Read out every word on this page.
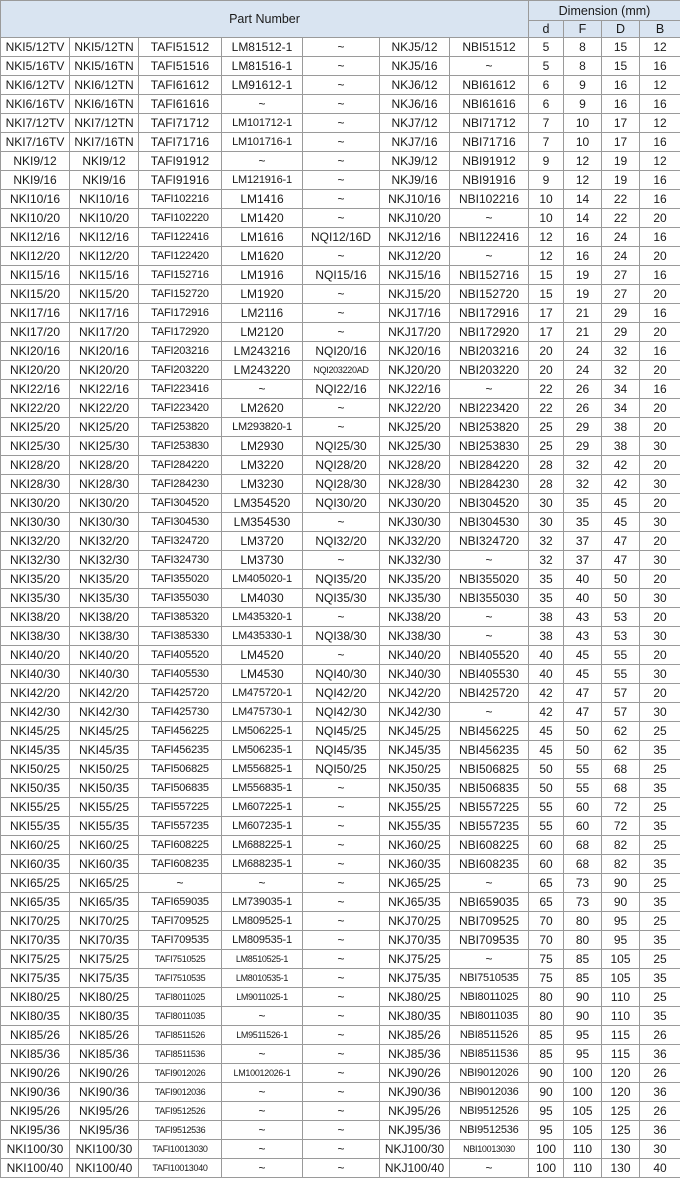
Part Number							Dimension (mm)			
							d	F	D	B
NKI5/12TV	NKI5/12TN	TAFI51512	LM81512-1	~	NKJ5/12	NBI51512	5	8	15	12
NKI5/16TV	NKI5/16TN	TAFI51516	LM81516-1	~	NKJ5/16	~	5	8	15	16
NKI6/12TV	NKI6/12TN	TAFI61612	LM91612-1	~	NKJ6/12	NBI61612	6	9	16	12
NKI6/16TV	NKI6/16TN	TAFI61616	~	~	NKJ6/16	NBI61616	6	9	16	16
NKI7/12TV	NKI7/12TN	TAFI71712	LM101712-1	~	NKJ7/12	NBI71712	7	10	17	12
NKI7/16TV	NKI7/16TN	TAFI71716	LM101716-1	~	NKJ7/16	NBI71716	7	10	17	16
NKI9/12	NKI9/12	TAFI91912	~	~	NKJ9/12	NBI91912	9	12	19	12
NKI9/16	NKI9/16	TAFI91916	LM121916-1	~	NKJ9/16	NBI91916	9	12	19	16
NKI10/16	NKI10/16	TAFI102216	LM1416	~	NKJ10/16	NBI102216	10	14	22	16
NKI10/20	NKI10/20	TAFI102220	LM1420	~	NKJ10/20	~	10	14	22	20
NKI12/16	NKI12/16	TAFI122416	LM1616	NQI12/16D	NKJ12/16	NBI122416	12	16	24	16
NKI12/20	NKI12/20	TAFI122420	LM1620	~	NKJ12/20	~	12	16	24	20
NKI15/16	NKI15/16	TAFI152716	LM1916	NQI15/16	NKJ15/16	NBI152716	15	19	27	16
NKI15/20	NKI15/20	TAFI152720	LM1920	~	NKJ15/20	NBI152720	15	19	27	20
NKI17/16	NKI17/16	TAFI172916	LM2116	~	NKJ17/16	NBI172916	17	21	29	16
NKI17/20	NKI17/20	TAFI172920	LM2120	~	NKJ17/20	NBI172920	17	21	29	20
NKI20/16	NKI20/16	TAFI203216	LM243216	NQI20/16	NKJ20/16	NBI203216	20	24	32	16
NKI20/20	NKI20/20	TAFI203220	LM243220	NQI203220AD	NKJ20/20	NBI203220	20	24	32	20
NKI22/16	NKI22/16	TAFI223416	~	NQI22/16	NKJ22/16	~	22	26	34	16
NKI22/20	NKI22/20	TAFI223420	LM2620	~	NKJ22/20	NBI223420	22	26	34	20
NKI25/20	NKI25/20	TAFI253820	LM293820-1	~	NKJ25/20	NBI253820	25	29	38	20
NKI25/30	NKI25/30	TAFI253830	LM2930	NQI25/30	NKJ25/30	NBI253830	25	29	38	30
NKI28/20	NKI28/20	TAFI284220	LM3220	NQI28/20	NKJ28/20	NBI284220	28	32	42	20
NKI28/30	NKI28/30	TAFI284230	LM3230	NQI28/30	NKJ28/30	NBI284230	28	32	42	30
NKI30/20	NKI30/20	TAFI304520	LM354520	NQI30/20	NKJ30/20	NBI304520	30	35	45	20
NKI30/30	NKI30/30	TAFI304530	LM354530	~	NKJ30/30	NBI304530	30	35	45	30
NKI32/20	NKI32/20	TAFI324720	LM3720	NQI32/20	NKJ32/20	NBI324720	32	37	47	20
NKI32/30	NKI32/30	TAFI324730	LM3730	~	NKJ32/30	~	32	37	47	30
NKI35/20	NKI35/20	TAFI355020	LM405020-1	NQI35/20	NKJ35/20	NBI355020	35	40	50	20
NKI35/30	NKI35/30	TAFI355030	LM4030	NQI35/30	NKJ35/30	NBI355030	35	40	50	30
NKI38/20	NKI38/20	TAFI385320	LM435320-1	~	NKJ38/20	~	38	43	53	20
NKI38/30	NKI38/30	TAFI385330	LM435330-1	NQI38/30	NKJ38/30	~	38	43	53	30
NKI40/20	NKI40/20	TAFI405520	LM4520	~	NKJ40/20	NBI405520	40	45	55	20
NKI40/30	NKI40/30	TAFI405530	LM4530	NQI40/30	NKJ40/30	NBI405530	40	45	55	30
NKI42/20	NKI42/20	TAFI425720	LM475720-1	NQI42/20	NKJ42/20	NBI425720	42	47	57	20
NKI42/30	NKI42/30	TAFI425730	LM475730-1	NQI42/30	NKJ42/30	~	42	47	57	30
NKI45/25	NKI45/25	TAFI456225	LM506225-1	NQI45/25	NKJ45/25	NBI456225	45	50	62	25
NKI45/35	NKI45/35	TAFI456235	LM506235-1	NQI45/35	NKJ45/35	NBI456235	45	50	62	35
NKI50/25	NKI50/25	TAFI506825	LM556825-1	NQI50/25	NKJ50/25	NBI506825	50	55	68	25
NKI50/35	NKI50/35	TAFI506835	LM556835-1	~	NKJ50/35	NBI506835	50	55	68	35
NKI55/25	NKI55/25	TAFI557225	LM607225-1	~	NKJ55/25	NBI557225	55	60	72	25
NKI55/35	NKI55/35	TAFI557235	LM607235-1	~	NKJ55/35	NBI557235	55	60	72	35
NKI60/25	NKI60/25	TAFI608225	LM688225-1	~	NKJ60/25	NBI608225	60	68	82	25
NKI60/35	NKI60/35	TAFI608235	LM688235-1	~	NKJ60/35	NBI608235	60	68	82	35
NKI65/25	NKI65/25	~	~	~	NKJ65/25	~	65	73	90	25
NKI65/35	NKI65/35	TAFI659035	LM739035-1	~	NKJ65/35	NBI659035	65	73	90	35
NKI70/25	NKI70/25	TAFI709525	LM809525-1	~	NKJ70/25	NBI709525	70	80	95	25
NKI70/35	NKI70/35	TAFI709535	LM809535-1	~	NKJ70/35	NBI709535	70	80	95	35
NKI75/25	NKI75/25	TAFI7510525	LM8510525-1	~	NKJ75/25	~	75	85	105	25
NKI75/35	NKI75/35	TAFI7510535	LM8010535-1	~	NKJ75/35	NBI7510535	75	85	105	35
NKI80/25	NKI80/25	TAFI8011025	LM9011025-1	~	NKJ80/25	NBI8011025	80	90	110	25
NKI80/35	NKI80/35	TAFI8011035	~	~	NKJ80/35	NBI8011035	80	90	110	35
NKI85/26	NKI85/26	TAFI8511526	LM9511526-1	~	NKJ85/26	NBI8511526	85	95	115	26
NKI85/36	NKI85/36	TAFI8511536	~	~	NKJ85/36	NBI8511536	85	95	115	36
NKI90/26	NKI90/26	TAFI9012026	LM10012026-1	~	NKJ90/26	NBI9012026	90	100	120	26
NKI90/36	NKI90/36	TAFI9012036	~	~	NKJ90/36	NBI9012036	90	100	120	36
NKI95/26	NKI95/26	TAFI9512526	~	~	NKJ95/26	NBI9512526	95	105	125	26
NKI95/36	NKI95/36	TAFI9512536	~	~	NKJ95/36	NBI9512536	95	105	125	36
NKI100/30	NKI100/30	TAFI10013030	~	~	NKJ100/30	NBI10013030	100	110	130	30
NKI100/40	NKI100/40	TAFI10013040	~	~	NKJ100/40	~	100	110	130	40
